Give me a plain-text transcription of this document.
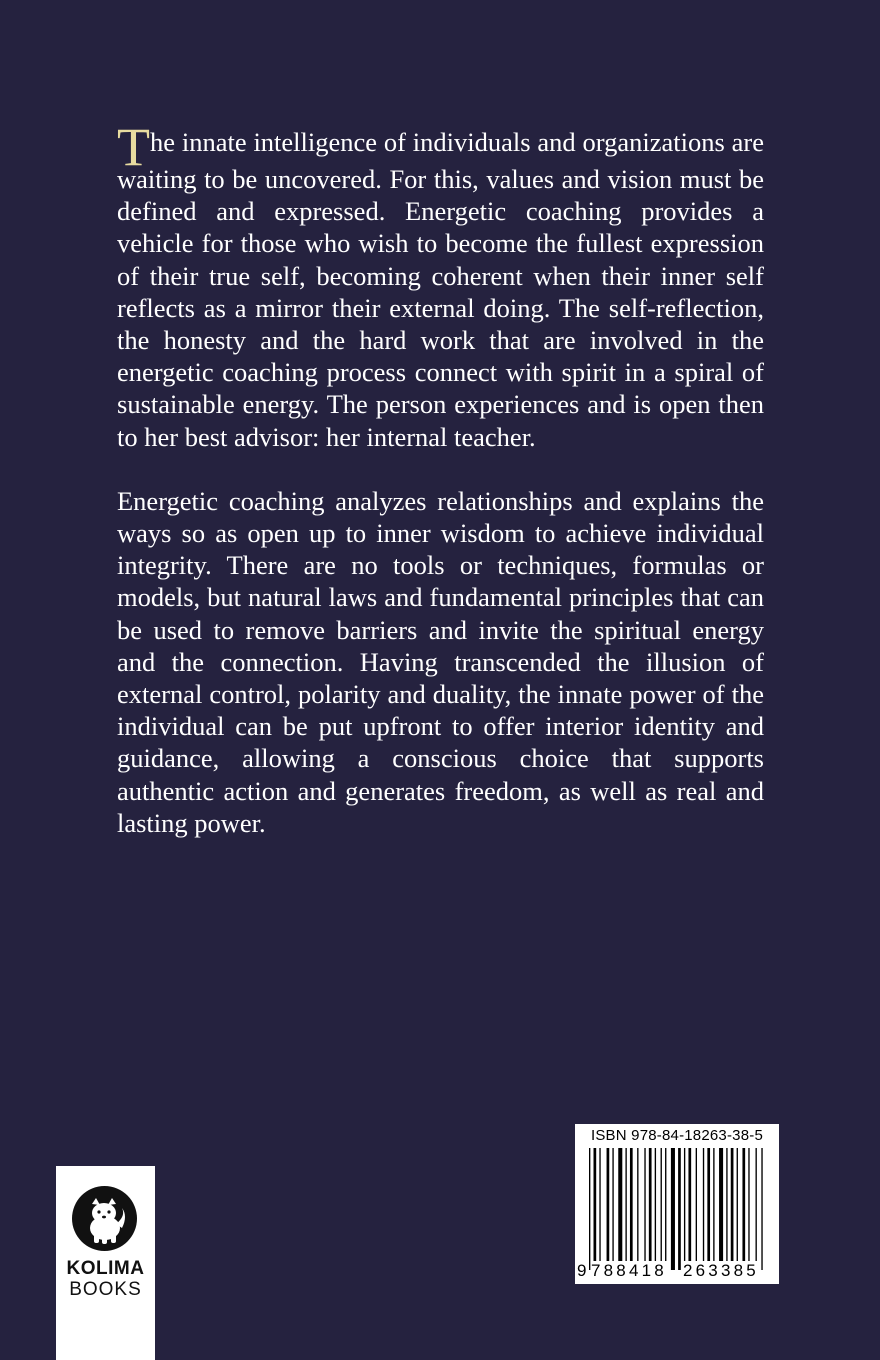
The innate intelligence of individuals and organizations are waiting to be uncovered. For this, values and vision must be defined and expressed. Energetic coaching provides a vehicle for those who wish to become the fullest expression of their true self, becoming coherent when their inner self reflects as a mirror their external doing. The self-reflection, the honesty and the hard work that are involved in the energetic coaching process connect with spirit in a spiral of sustainable energy. The person experiences and is open then to her best advisor: her internal teacher.

Energetic coaching analyzes relationships and explains the ways so as open up to inner wisdom to achieve individual integrity. There are no tools or techniques, formulas or models, but natural laws and fundamental principles that can be used to remove barriers and invite the spiritual energy and the connection. Having transcended the illusion of external control, polarity and duality, the innate power of the individual can be put upfront to offer interior identity and guidance, allowing a conscious choice that supports authentic action and generates freedom, as well as real and lasting power.

KOLIMA
BOOKS
ISBN 978-84-18263-38-5
9 788418 263385
